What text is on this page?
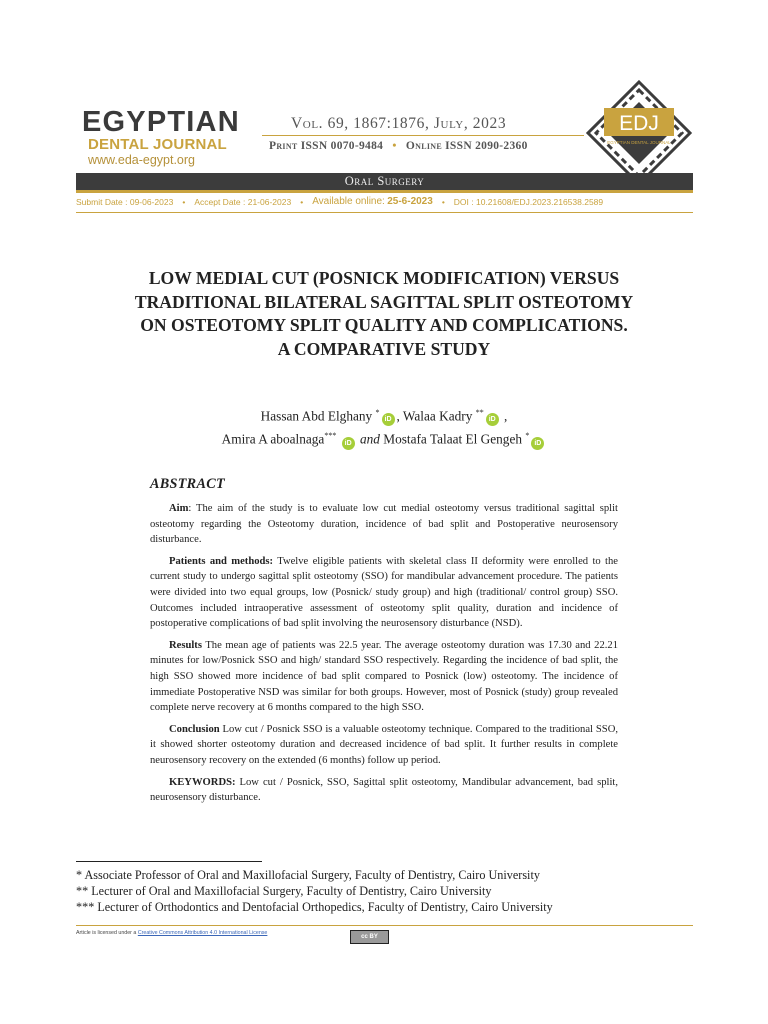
EGYPTIAN
DENTAL JOURNAL
www.eda-egypt.org
Vol. 69, 1867:1876, July, 2023
Print ISSN 0070-9484 • Online ISSN 2090-2360
EDJ
EGYPTIAN DENTAL JOURNAL
Oral Surgery
Submit Date : 09-06-2023 • Accept Date : 21-06-2023 • Available online:
25-6-2023 • DOI : 10.21608/EDJ.2023.216538.2589
LOW MEDIAL CUT (POSNICK MODIFICATION) VERSUS
TRADITIONAL BILATERAL SAGITTAL SPLIT OSTEOTOMY
ON OSTEOTOMY SPLIT QUALITY AND COMPLICATIONS.
A COMPARATIVE STUDY
Hassan Abd Elghany *iD , Walaa Kadry **iD ,
Amira A aboalnaga*** iD and Mostafa Talaat El Gengeh *iD
ABSTRACT

Aim: The aim of the study is to evaluate low cut medial osteotomy versus traditional sagittal split osteotomy regarding the Osteotomy duration, incidence of bad split and Postoperative neurosensory disturbance.

Patients and methods: Twelve eligible patients with skeletal class II deformity were enrolled to the current study to undergo sagittal split osteotomy (SSO) for mandibular advancement procedure. The patients were divided into two equal groups, low (Posnick/ study group) and high (traditional/ control group) SSO. Outcomes included intraoperative assessment of osteotomy split quality, duration and incidence of postoperative complications of bad split involving the neurosensory disturbance (NSD).

Results The mean age of patients was 22.5 year. The average osteotomy duration was 17.30 and 22.21 minutes for low/Posnick SSO and high/ standard SSO respectively. Regarding the incidence of bad split, the high SSO showed more incidence of bad split compared to Posnick (low) osteotomy. The incidence of immediate Postoperative NSD was similar for both groups. However, most of Posnick (study) group revealed complete nerve recovery at 6 months compared to the high SSO.

Conclusion Low cut / Posnick SSO is a valuable osteotomy technique. Compared to the traditional SSO, it showed shorter osteotomy duration and decreased incidence of bad split. It further results in complete neurosensory recovery on the extended (6 months) follow up period.

KEYWORDS: Low cut / Posnick, SSO, Sagittal split osteotomy, Mandibular advancement, bad split, neurosensory disturbance.

* Associate Professor of Oral and Maxillofacial Surgery, Faculty of Dentistry, Cairo University
** Lecturer of Oral and Maxillofacial Surgery, Faculty of Dentistry, Cairo University
*** Lecturer of Orthodontics and Dentofacial Orthopedics, Faculty of Dentistry, Cairo University
Article is licensed under a Creative Commons Attribution 4.0 International License
cc BY
